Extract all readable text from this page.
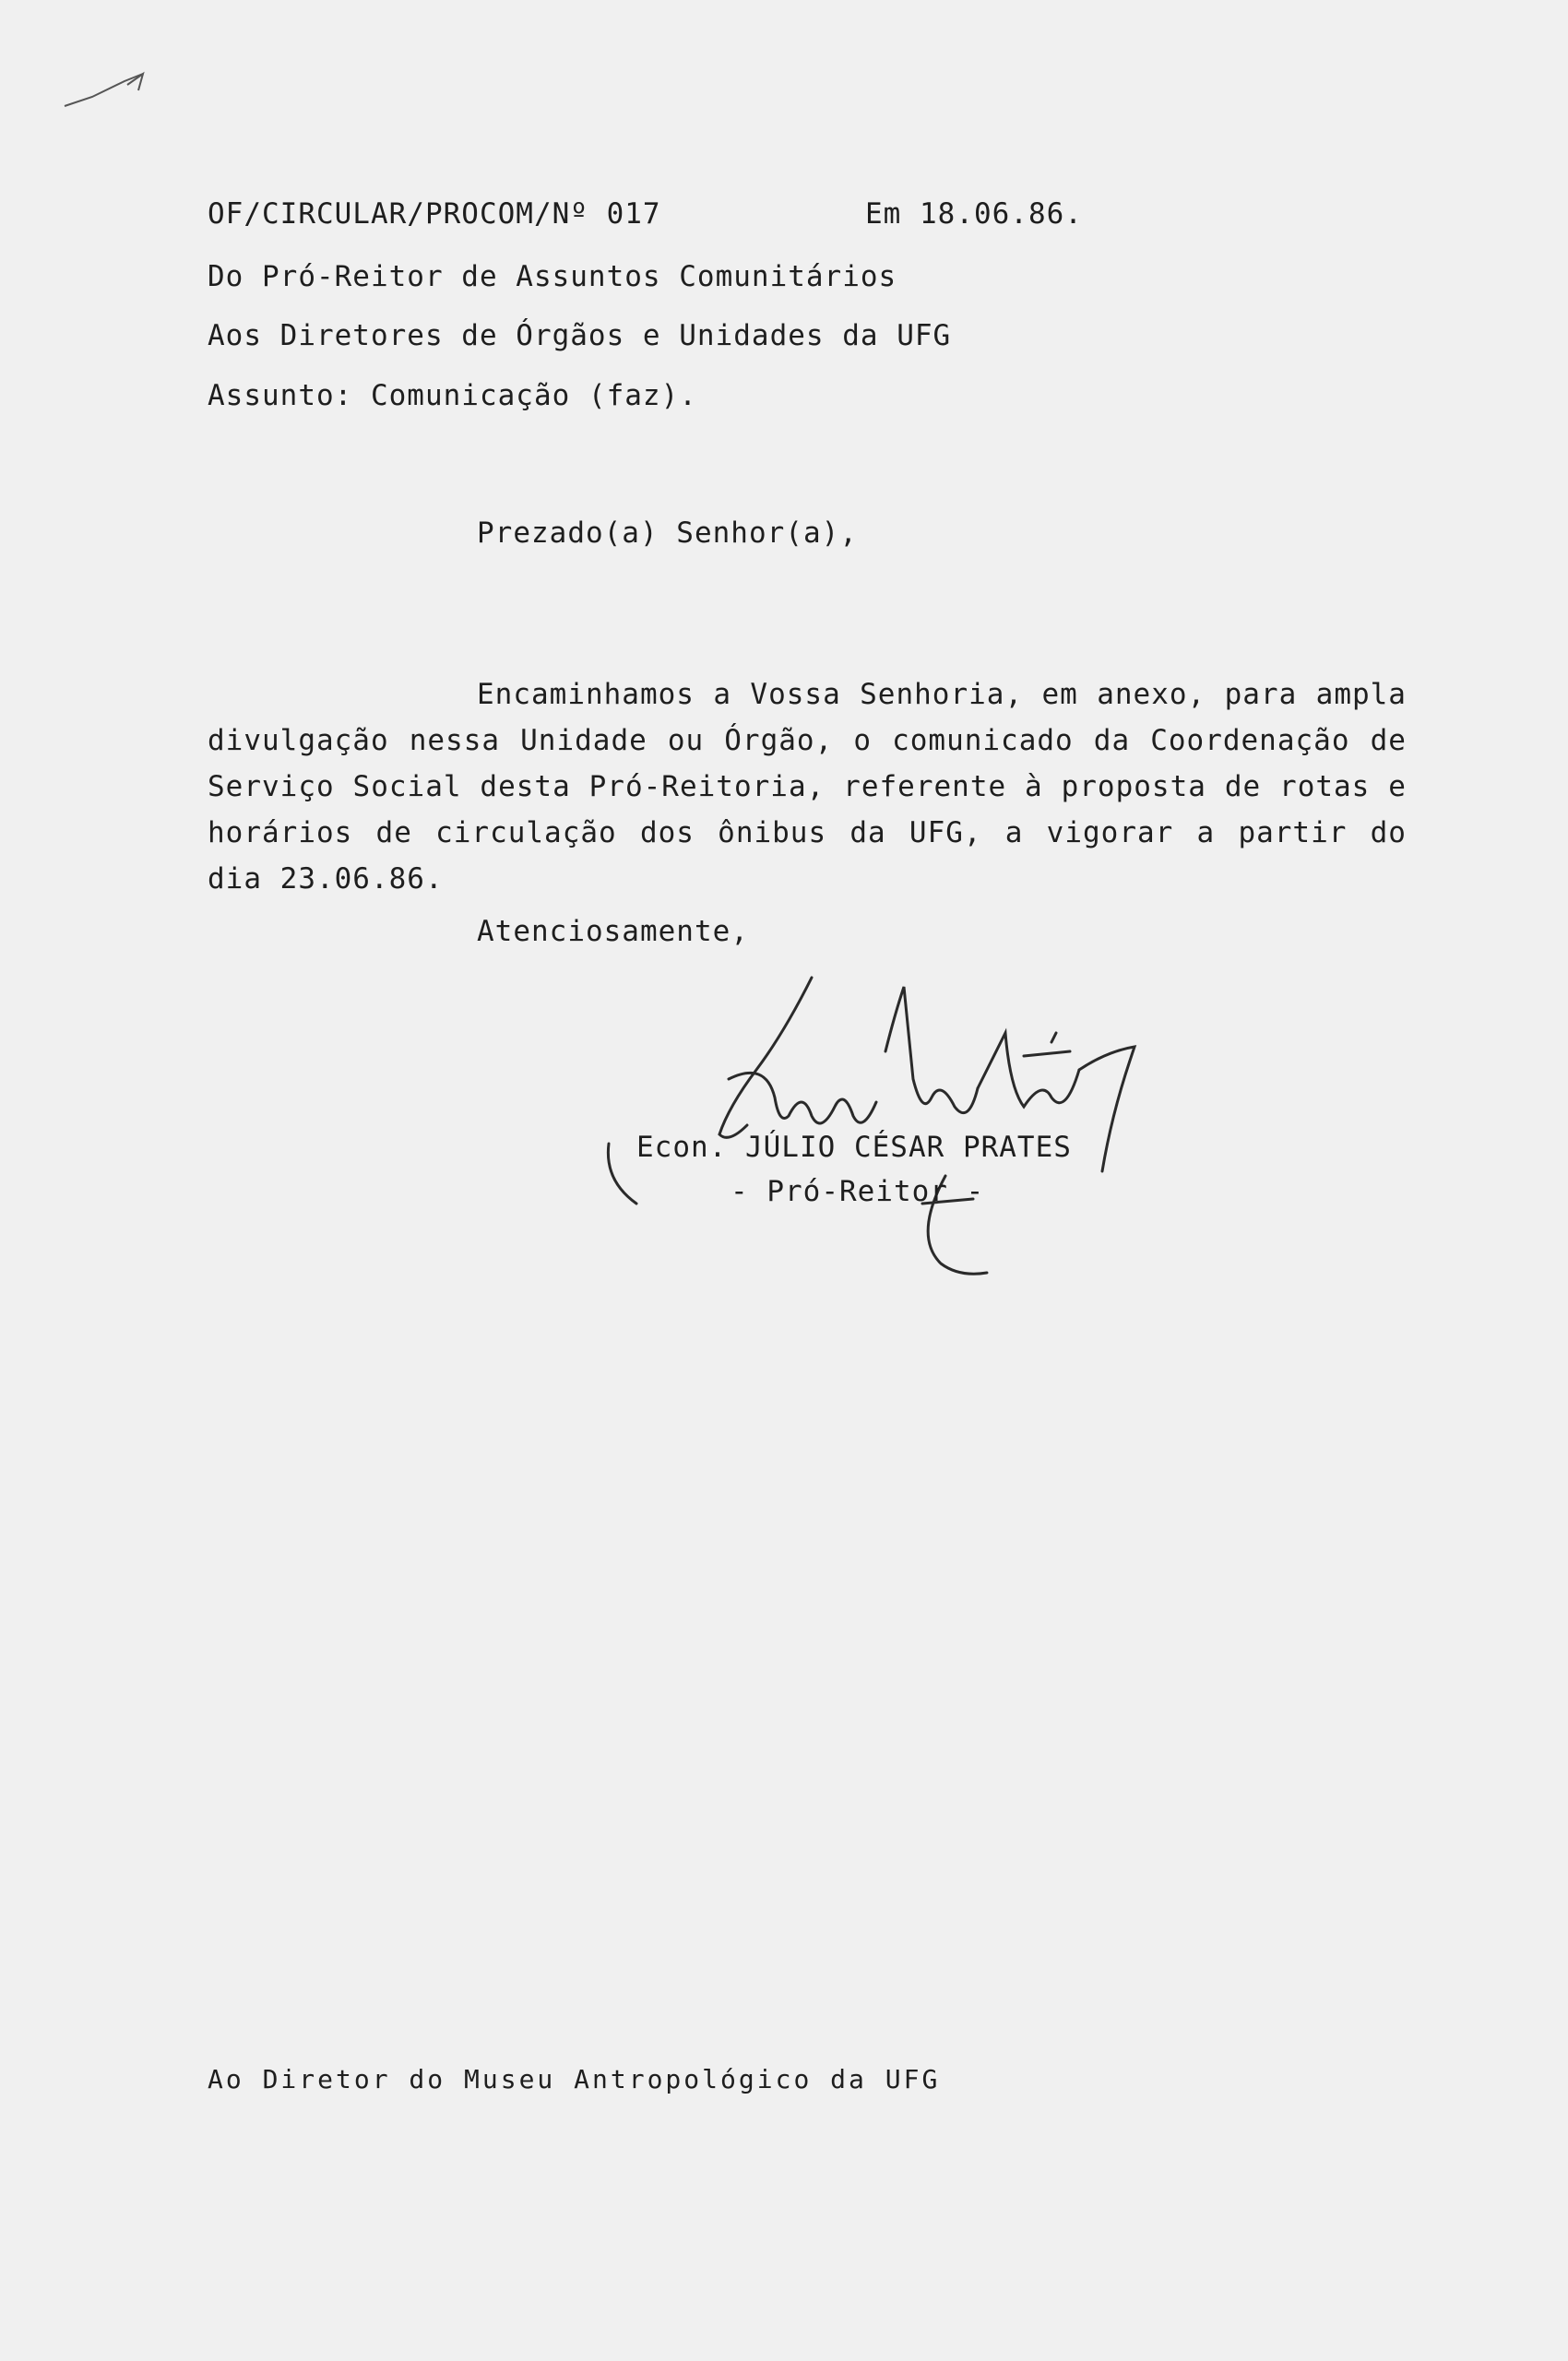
OF/CIRCULAR/PROCOM/Nº 017	Em 18.06.86.
Do Pró-Reitor de Assuntos Comunitários
Aos Diretores de Órgãos e Unidades da UFG
Assunto: Comunicação (faz).
Prezado(a) Senhor(a),
Encaminhamos a Vossa Senhoria, em anexo, para ampla
divulgação nessa Unidade ou Órgão, o comunicado da Coordenação de
Serviço Social desta Pró-Reitoria, referente à proposta de rotas e
horários de circulação dos ônibus da UFG, a vigorar a partir do
dia 23.06.86.
Atenciosamente,
Econ. JÚLIO CÉSAR PRATES
- Pró-Reitor -
Ao Diretor do Museu Antropológico da UFG
